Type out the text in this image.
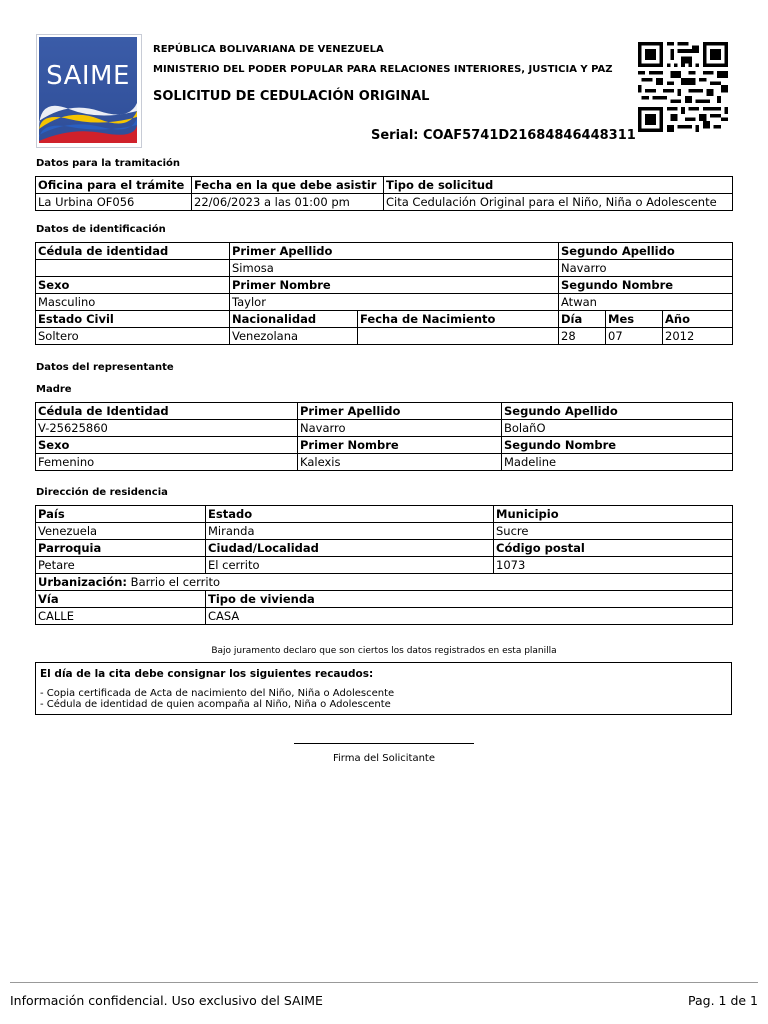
SAIME
REPÚBLICA BOLIVARIANA DE VENEZUELA
MINISTERIO DEL PODER POPULAR PARA RELACIONES INTERIORES, JUSTICIA Y PAZ
SOLICITUD DE CEDULACIÓN ORIGINAL
Serial: COAF5741D21684846448311
Datos para la tramitación
Oficina para el trámite	Fecha en la que debe asistir	Tipo de solicitud
La Urbina OF056	22/06/2023 a las 01:00 pm	Cita Cedulación Original para el Niño, Niña o Adolescente
Datos de identificación
Cédula de identidad	Primer Apellido		Segundo Apellido		
	Simosa		Navarro		
Sexo	Primer Nombre		Segundo Nombre		
Masculino	Taylor		Atwan		
Estado Civil	Nacionalidad	Fecha de Nacimiento	Día	Mes	Año
Soltero	Venezolana		28	07	2012
Datos del representante
Madre
Cédula de Identidad	Primer Apellido	Segundo Apellido
V-25625860	Navarro	BolañO
Sexo	Primer Nombre	Segundo Nombre
Femenino	Kalexis	Madeline
Dirección de residencia
País	Estado	Municipio
Venezuela	Miranda	Sucre
Parroquia	Ciudad/Localidad	Código postal
Petare	El cerrito	1073
Urbanización: Barrio el cerrito		
Vía	Tipo de vivienda	
CALLE	CASA	
Bajo juramento declaro que son ciertos los datos registrados en esta planilla
El día de la cita debe consignar los siguientes recaudos:
- Copia certificada de Acta de nacimiento del Niño, Niña o Adolescente
- Cédula de identidad de quien acompaña al Niño, Niña o Adolescente
Firma del Solicitante
Información confidencial. Uso exclusivo del SAIME	Pag. 1 de 1
